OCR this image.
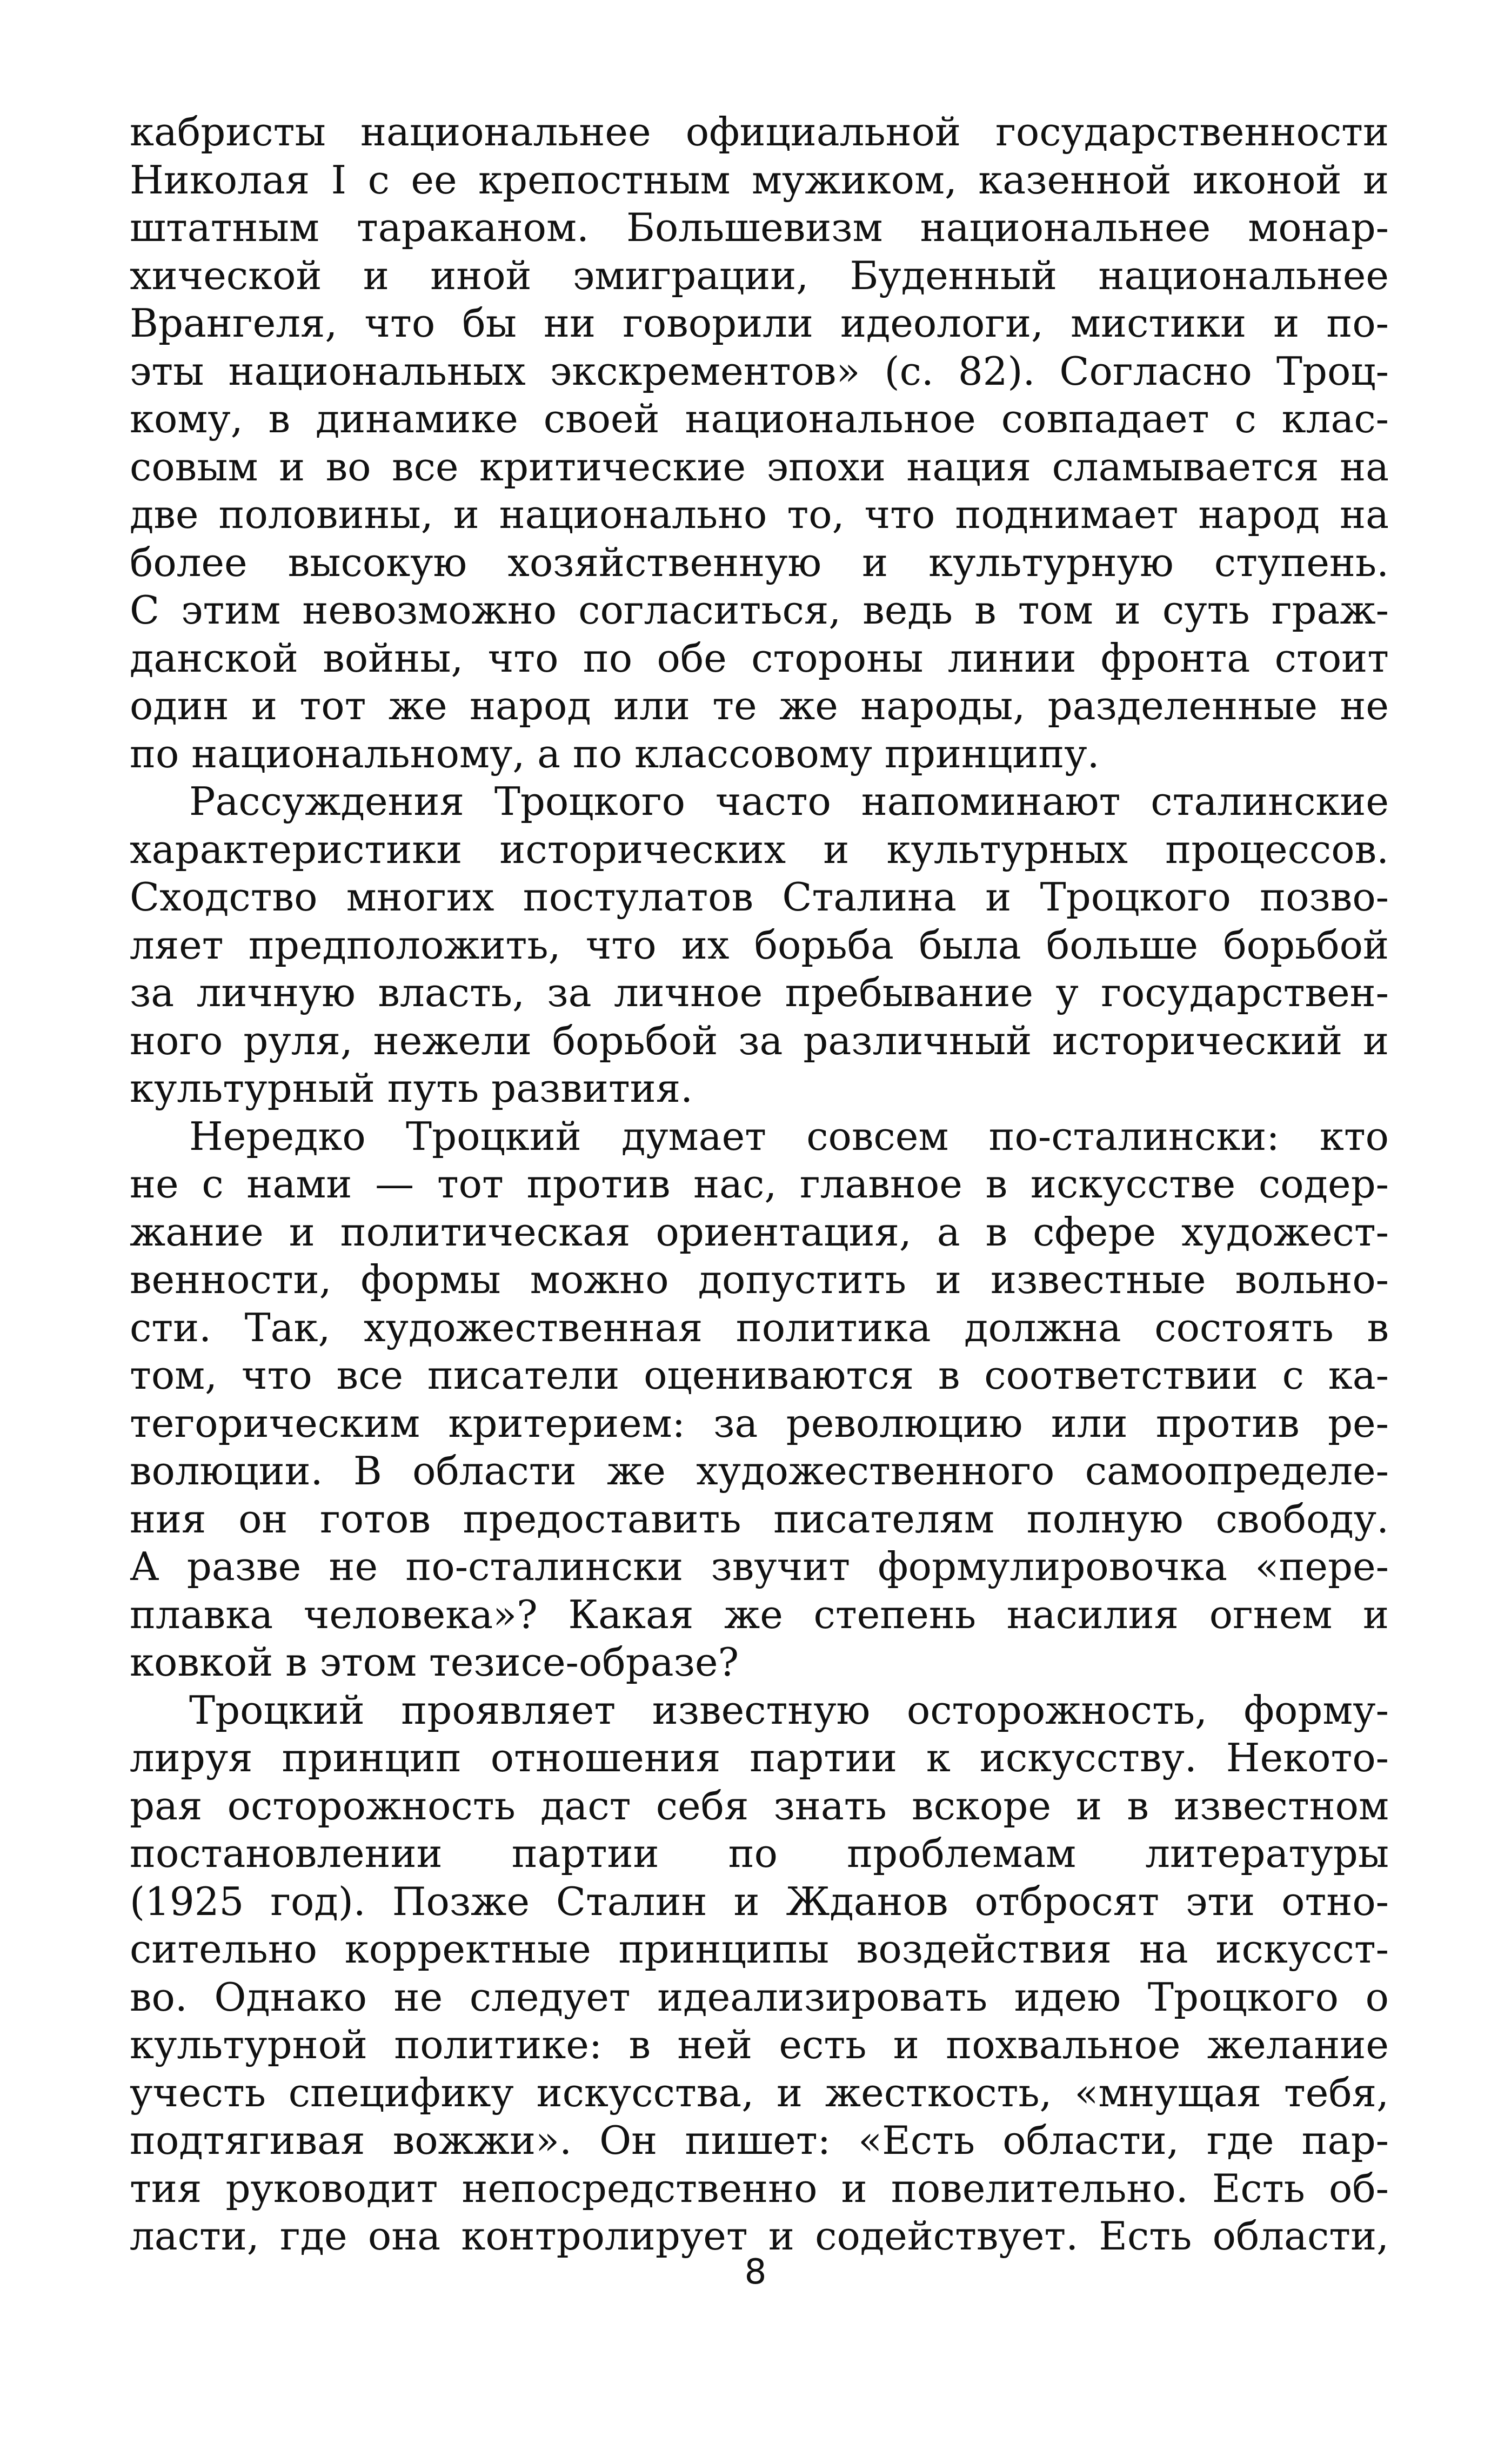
кабристы национальнее официальной государственности
Николая I с ее крепостным мужиком, казенной иконой и
штатным тараканом. Большевизм национальнее монар-
хической и иной эмиграции, Буденный национальнее
Врангеля, что бы ни говорили идеологи, мистики и по-
эты национальных экскрементов» (с. 82). Согласно Троц-
кому, в динамике своей национальное совпадает с клас-
совым и во все критические эпохи нация сламывается на
две половины, и национально то, что поднимает народ на
более высокую хозяйственную и культурную ступень.
С этим невозможно согласиться, ведь в том и суть граж-
данской войны, что по обе стороны линии фронта стоит
один и тот же народ или те же народы, разделенные не
по национальному, а по классовому принципу.
Рассуждения Троцкого часто напоминают сталинские
характеристики исторических и культурных процессов.
Сходство многих постулатов Сталина и Троцкого позво-
ляет предположить, что их борьба была больше борьбой
за личную власть, за личное пребывание у государствен-
ного руля, нежели борьбой за различный исторический и
культурный путь развития.
Нередко Троцкий думает совсем по-сталински: кто
не с нами — тот против нас, главное в искусстве содер-
жание и политическая ориентация, а в сфере художест-
венности, формы можно допустить и известные вольно-
сти. Так, художественная политика должна состоять в
том, что все писатели оцениваются в соответствии с ка-
тегорическим критерием: за революцию или против ре-
волюции. В области же художественного самоопределе-
ния он готов предоставить писателям полную свободу.
А разве не по-сталински звучит формулировочка «пере-
плавка человека»? Какая же степень насилия огнем и
ковкой в этом тезисе-образе?
Троцкий проявляет известную осторожность, форму-
лируя принцип отношения партии к искусству. Некото-
рая осторожность даст себя знать вскоре и в известном
постановлении партии по проблемам литературы
(1925 год). Позже Сталин и Жданов отбросят эти отно-
сительно корректные принципы воздействия на искусст-
во. Однако не следует идеализировать идею Троцкого о
культурной политике: в ней есть и похвальное желание
учесть специфику искусства, и жесткость, «мнущая тебя,
подтягивая вожжи». Он пишет: «Есть области, где пар-
тия руководит непосредственно и повелительно. Есть об-
ласти, где она контролирует и содействует. Есть области,
8
